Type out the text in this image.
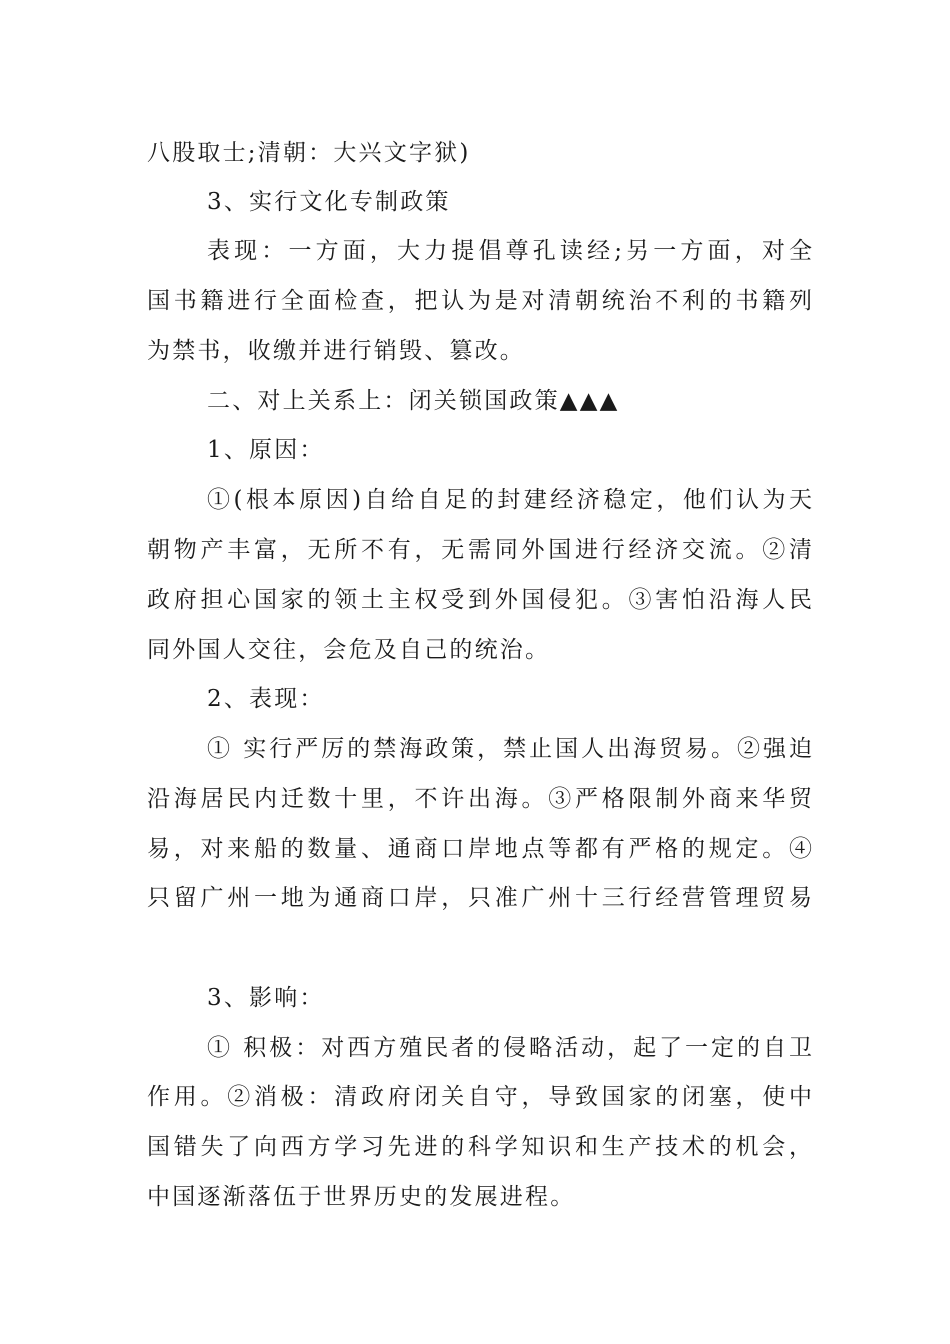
八股取士;清朝：大兴文字狱)
3、实行文化专制政策
表现：一方面，大力提倡尊孔读经;另一方面，对全
国书籍进行全面检查，把认为是对清朝统治不利的书籍列
为禁书，收缴并进行销毁、篡改。
二、对上关系上：闭关锁国政策▲▲▲
1、原因：
①(根本原因)自给自足的封建经济稳定，他们认为天
朝物产丰富，无所不有，无需同外国进行经济交流。②清
政府担心国家的领土主权受到外国侵犯。③害怕沿海人民
同外国人交往，会危及自己的统治。
2、表现：
① 实行严厉的禁海政策，禁止国人出海贸易。②强迫
沿海居民内迁数十里，不许出海。③严格限制外商来华贸
易，对来船的数量、通商口岸地点等都有严格的规定。④
只留广州一地为通商口岸，只准广州十三行经营管理贸易
3、影响：
① 积极：对西方殖民者的侵略活动，起了一定的自卫
作用。②消极：清政府闭关自守，导致国家的闭塞，使中
国错失了向西方学习先进的科学知识和生产技术的机会，
中国逐渐落伍于世界历史的发展进程。
